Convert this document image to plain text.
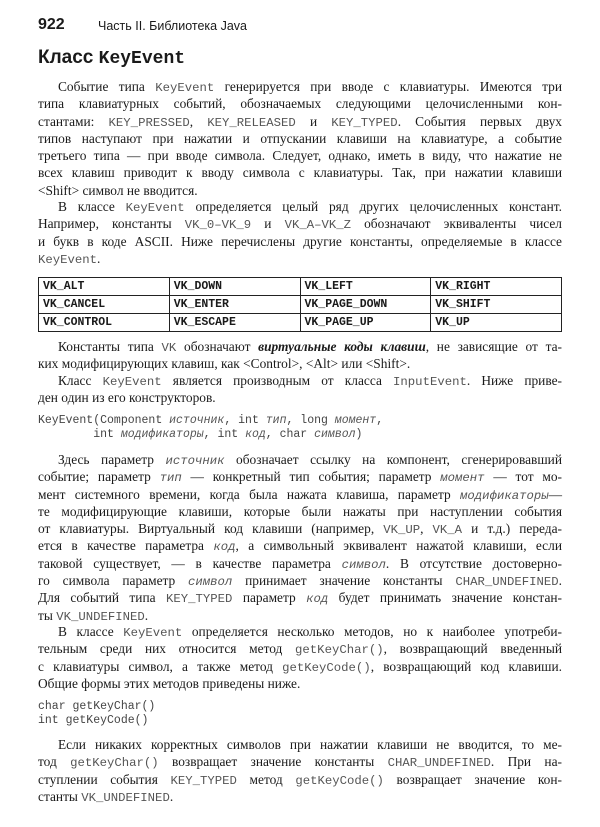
922	Часть II. Библиотека Java
Класс KeyEvent
VK_ALT	VK_DOWN	VK_LEFT	VK_RIGHT
VK_CANCEL	VK_ENTER	VK_PAGE_DOWN	VK_SHIFT
VK_CONTROL	VK_ESCAPE	VK_PAGE_UP	VK_UP
Событие типа KeyEvent генерируется при вводе с клавиатуры. Имеются три
типа клавиатурных событий, обозначаемых следующими целочисленными кон-
стантами: KEY_PRESSED, KEY_RELEASED и KEY_TYPED. События первых двух
типов наступают при нажатии и отпускании клавиши на клавиатуре, а событие
третьего типа — при вводе символа. Следует, однако, иметь в виду, что нажатие не
всех клавиш приводит к вводу символа с клавиатуры. Так, при нажатии клавиши
<Shift> символ не вводится.
В классе KeyEvent определяется целый ряд других целочисленных констант.
Например, константы VK_0–VK_9 и VK_A–VK_Z обозначают эквиваленты чисел
и букв в коде ASCII. Ниже перечислены другие константы, определяемые в классе
KeyEvent.
Константы типа VK обозначают виртуальные коды клавиш, не зависящие от та-
ких модифицирующих клавиш, как <Control>, <Alt> или <Shift>.
Класс KeyEvent является производным от класса InputEvent. Ниже приве-
ден один из его конструкторов.
KeyEvent(Component источник, int тип, long момент,
int модификаторы, int код, char символ)
Здесь параметр источник обозначает ссылку на компонент, сгенерировавший
событие; параметр тип — конкретный тип события; параметр момент — тот мо-
мент системного времени, когда была нажата клавиша, параметр модификаторы—
те модифицирующие клавиши, которые были нажаты при наступлении события
от клавиатуры. Виртуальный код клавиши (например, VK_UP, VK_A и т.д.) переда-
ется в качестве параметра код, а символьный эквивалент нажатой клавиши, если
таковой существует, — в качестве параметра символ. В отсутствие достоверно-
го символа параметр символ принимает значение константы CHAR_UNDEFINED.
Для событий типа KEY_TYPED параметр код будет принимать значение констан-
ты VK_UNDEFINED.
В классе KeyEvent определяется несколько методов, но к наиболее употреби-
тельным среди них относится метод getKeyChar(), возвращающий введенный
с клавиатуры символ, а также метод getKeyCode(), возвращающий код клавиши.
Общие формы этих методов приведены ниже.
char getKeyChar()
int getKeyCode()
Если никаких корректных символов при нажатии клавиши не вводится, то ме-
тод getKeyChar() возвращает значение константы CHAR_UNDEFINED. При на-
ступлении события KEY_TYPED метод getKeyCode() возвращает значение кон-
станты VK_UNDEFINED.
